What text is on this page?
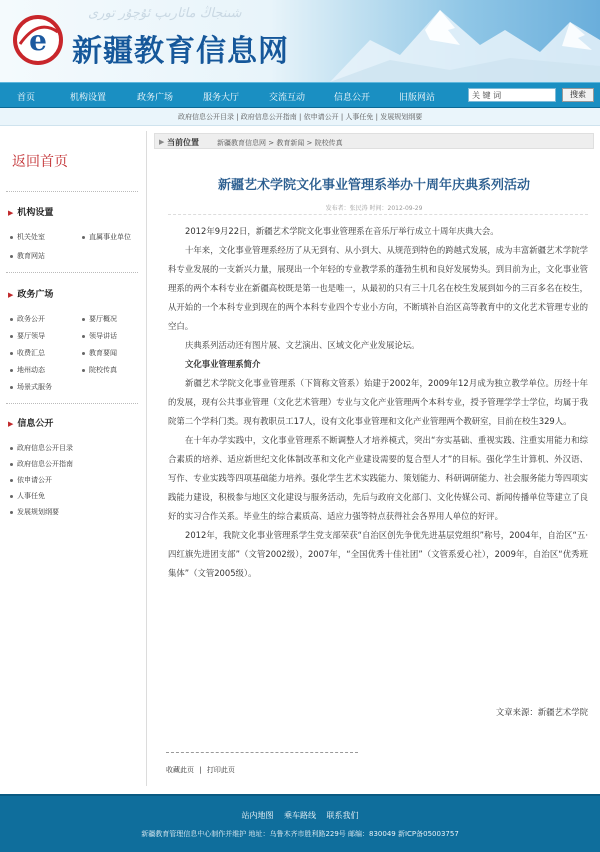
e
شىنجاڭ مائارىپ ئۇچۇر تورى
新疆教育信息网
首页	机构设置	政务广场	服务大厅	交流互动	信息公开	旧版网站
关 键 词	搜索
政府信息公开目录 | 政府信息公开指南 | 依申请公开 | 人事任免 | 发展规划纲要
返回首页
▶ 机构设置
机关处室	直属事业单位
教育网站
▶ 政务广场
政务公开	要厅概况
要厅领导	领导讲话
收费汇总	教育要闻
地州动态	院校传真
场景式服务
▶ 信息公开
政府信息公开目录
政府信息公开指南
依申请公开
人事任免
发展规划纲要
▶ 当前位置	新疆教育信息网 > 教育新闻 > 院校传真
新疆艺术学院文化事业管理系举办十周年庆典系列活动
发布者：张民涛 时间：2012-09-29

2012年9月22日，新疆艺术学院文化事业管理系在音乐厅举行成立十周年庆典大会。

十年来，文化事业管理系经历了从无到有、从小到大、从规范到特色的跨越式发展，成为丰富新疆艺术学院学科专业发展的一支新兴力量，展现出一个年轻的专业教学系的蓬勃生机和良好发展势头。到目前为止，文化事业管理系的两个本科专业在新疆高校既是第一也是唯一，从最初的只有三十几名在校生发展到如今的三百多名在校生，从开始的一个本科专业到现在的两个本科专业四个专业小方向，不断填补自治区高等教育中的文化艺术管理专业的空白。

庆典系列活动还有图片展、文艺演出、区域文化产业发展论坛。

文化事业管理系简介

新疆艺术学院文化事业管理系（下简称文管系）始建于2002年，2009年12月成为独立教学单位。历经十年的发展，现有公共事业管理（文化艺术管理）专业与文化产业管理两个本科专业，授予管理学学士学位，均属于我院第二个学科门类。现有教职员工17人，设有文化事业管理和文化产业管理两个教研室，目前在校生329人。

在十年办学实践中，文化事业管理系不断调整人才培养模式，突出“夯实基础、重视实践、注重实用能力和综合素质的培养、适应新世纪文化体制改革和文化产业建设需要的复合型人才”的目标。强化学生计算机、外汉语、写作、专业实践等四项基础能力培养。强化学生艺术实践能力、策划能力、科研调研能力、社会服务能力等四项实践能力建设，积极参与地区文化建设与服务活动，先后与政府文化部门、文化传媒公司、新闻传播单位等建立了良好的实习合作关系。毕业生的综合素质高、适应力强等特点获得社会各界用人单位的好评。

2012年，我院文化事业管理系学生党支部荣获“自治区创先争优先进基层党组织”称号，2004年，自治区“五·四红旗先进团支部”（文管2002级），2007年，“全国优秀十佳社团”（文管系爱心社），2009年，自治区“优秀班集体”（文管2005级）。

文章来源：新疆艺术学院
收藏此页 | 打印此页
站内地图 乘车路线 联系我们
新疆教育管理信息中心制作并维护 地址：乌鲁木齐市胜利路229号 邮编：830049 新ICP备05003757
